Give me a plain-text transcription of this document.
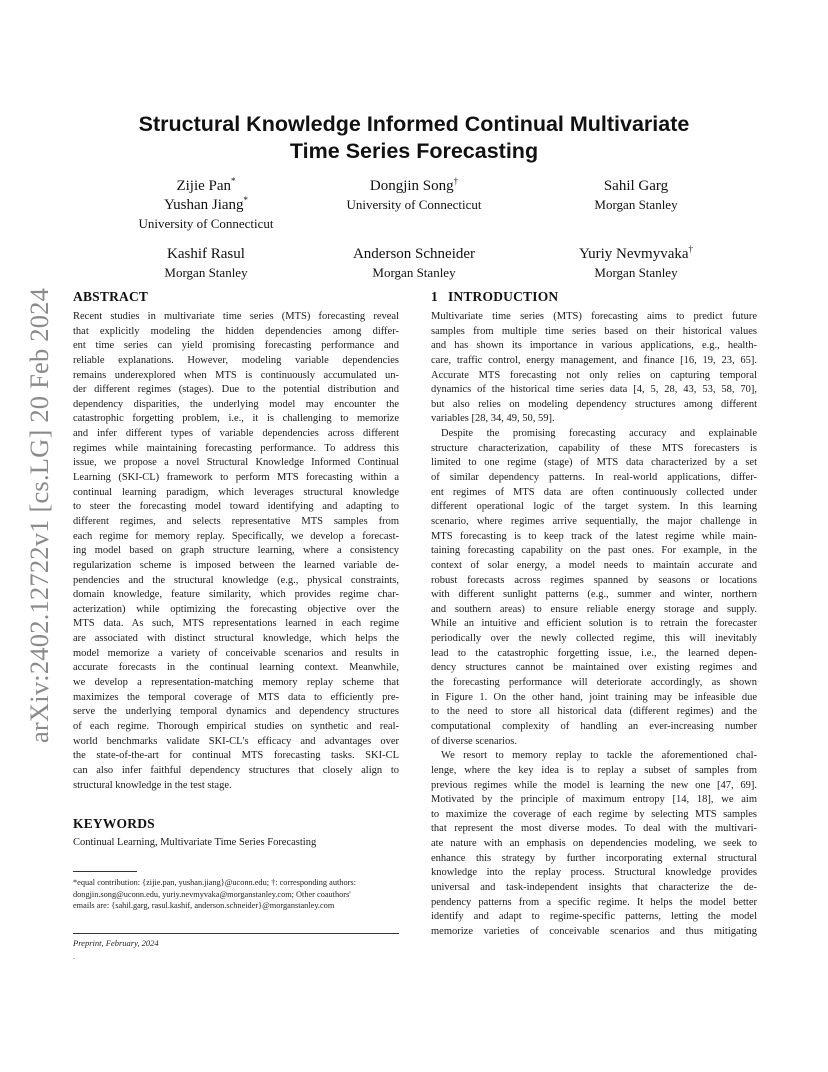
arXiv:2402.12722v1 [cs.LG] 20 Feb 2024
Structural Knowledge Informed Continual Multivariate
Time Series Forecasting
Zijie Pan*
Yushan Jiang*
University of Connecticut
Dongjin Song†
University of Connecticut
Sahil Garg
Morgan Stanley
Kashif Rasul
Morgan Stanley
Anderson Schneider
Morgan Stanley
Yuriy Nevmyvaka†
Morgan Stanley
ABSTRACT
Recent studies in multivariate time series (MTS) forecasting reveal
that explicitly modeling the hidden dependencies among differ-
ent time series can yield promising forecasting performance and
reliable explanations. However, modeling variable dependencies
remains underexplored when MTS is continuously accumulated un-
der different regimes (stages). Due to the potential distribution and
dependency disparities, the underlying model may encounter the
catastrophic forgetting problem, i.e., it is challenging to memorize
and infer different types of variable dependencies across different
regimes while maintaining forecasting performance. To address this
issue, we propose a novel Structural Knowledge Informed Continual
Learning (SKI-CL) framework to perform MTS forecasting within a
continual learning paradigm, which leverages structural knowledge
to steer the forecasting model toward identifying and adapting to
different regimes, and selects representative MTS samples from
each regime for memory replay. Specifically, we develop a forecast-
ing model based on graph structure learning, where a consistency
regularization scheme is imposed between the learned variable de-
pendencies and the structural knowledge (e.g., physical constraints,
domain knowledge, feature similarity, which provides regime char-
acterization) while optimizing the forecasting objective over the
MTS data. As such, MTS representations learned in each regime
are associated with distinct structural knowledge, which helps the
model memorize a variety of conceivable scenarios and results in
accurate forecasts in the continual learning context. Meanwhile,
we develop a representation-matching memory replay scheme that
maximizes the temporal coverage of MTS data to efficiently pre-
serve the underlying temporal dynamics and dependency structures
of each regime. Thorough empirical studies on synthetic and real-
world benchmarks validate SKI-CL's efficacy and advantages over
the state-of-the-art for continual MTS forecasting tasks. SKI-CL
can also infer faithful dependency structures that closely align to
structural knowledge in the test stage.
KEYWORDS
Continual Learning, Multivariate Time Series Forecasting
*equal contribution: {zijie.pan, yushan.jiang}@uconn.edu; †: corresponding authors:
dongjin.song@uconn.edu, yuriy.nevmyvaka@morganstanley.com; Other coauthors'
emails are: {sahil.garg, rasul.kashif, anderson.schneider}@morganstanley.com
Preprint, February, 2024
.
1 INTRODUCTION
Multivariate time series (MTS) forecasting aims to predict future
samples from multiple time series based on their historical values
and has shown its importance in various applications, e.g., health-
care, traffic control, energy management, and finance [16, 19, 23, 65].
Accurate MTS forecasting not only relies on capturing temporal
dynamics of the historical time series data [4, 5, 28, 43, 53, 58, 70],
but also relies on modeling dependency structures among different
variables [28, 34, 49, 50, 59].
Despite the promising forecasting accuracy and explainable
structure characterization, capability of these MTS forecasters is
limited to one regime (stage) of MTS data characterized by a set
of similar dependency patterns. In real-world applications, differ-
ent regimes of MTS data are often continuously collected under
different operational logic of the target system. In this learning
scenario, where regimes arrive sequentially, the major challenge in
MTS forecasting is to keep track of the latest regime while main-
taining forecasting capability on the past ones. For example, in the
context of solar energy, a model needs to maintain accurate and
robust forecasts across regimes spanned by seasons or locations
with different sunlight patterns (e.g., summer and winter, northern
and southern areas) to ensure reliable energy storage and supply.
While an intuitive and efficient solution is to retrain the forecaster
periodically over the newly collected regime, this will inevitably
lead to the catastrophic forgetting issue, i.e., the learned depen-
dency structures cannot be maintained over existing regimes and
the forecasting performance will deteriorate accordingly, as shown
in Figure 1. On the other hand, joint training may be infeasible due
to the need to store all historical data (different regimes) and the
computational complexity of handling an ever-increasing number
of diverse scenarios.
We resort to memory replay to tackle the aforementioned chal-
lenge, where the key idea is to replay a subset of samples from
previous regimes while the model is learning the new one [47, 69].
Motivated by the principle of maximum entropy [14, 18], we aim
to maximize the coverage of each regime by selecting MTS samples
that represent the most diverse modes. To deal with the multivari-
ate nature with an emphasis on dependencies modeling, we seek to
enhance this strategy by further incorporating external structural
knowledge into the replay process. Structural knowledge provides
universal and task-independent insights that characterize the de-
pendency patterns from a specific regime. It helps the model better
identify and adapt to regime-specific patterns, letting the model
memorize varieties of conceivable scenarios and thus mitigating
